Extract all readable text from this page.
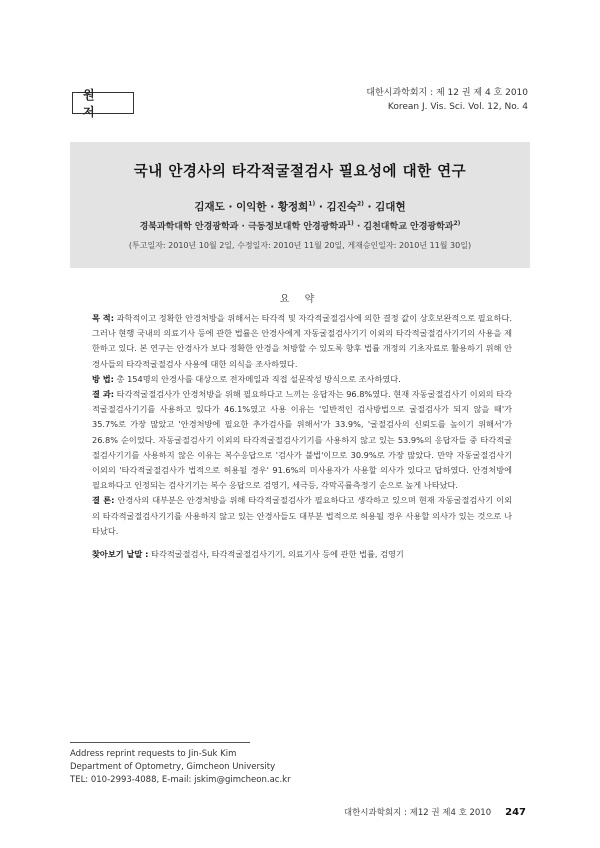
원 저
대한시과학회지 : 제 12 권 제 4 호 2010
Korean J. Vis. Sci. Vol. 12, No. 4
국내 안경사의 타각적굴절검사 필요성에 대한 연구
김재도 · 이익한 · 황정희$^{1)}$ · 김진숙$^{2)}$ · 김대현
경북과학대학 안경광학과 · 극동정보대학 안경광학과$^{1)}$ · 김천대학교 안경광학과$^{2)}$
(투고일자: 2010년 10월 2일, 수정일자: 2010년 11월 20일, 게재승인일자: 2010년 11월 30일)
요 약

목 적: 과학적이고 정확한 안경처방을 위해서는 타각적 및 자각적굴절검사에 의한 결정 값이 상호보완적으로 필요하다. 그러나 현행 국내의 의료기사 등에 관한 법률은 안경사에게 자동굴절검사기기 이외의 타각적굴절검사기기의 사용을 제한하고 있다. 본 연구는 안경사가 보다 정확한 안경을 처방할 수 있도록 향후 법률 개정의 기초자료로 활용하기 위해 안경사들의 타각적굴절검사 사용에 대한 의식을 조사하였다.

방 법: 총 154명의 안경사를 대상으로 전자메일과 직접 설문작성 방식으로 조사하였다.

결 과: 타각적굴절검사가 안경처방을 위해 필요하다고 느끼는 응답자는 96.8%였다. 현재 자동굴절검사기 이외의 타각적굴절검사기기를 사용하고 있다가 46.1%였고 사용 이유는 '일반적인 검사방법으로 굴절검사가 되지 않을 때'가 35.7%로 가장 많았고 '안경처방에 필요한 추가검사를 위해서'가 33.9%, '굴절검사의 신뢰도를 높이기 위해서'가 26.8% 순이었다. 자동굴절검사기 이외의 타각적굴절검사기기를 사용하지 않고 있는 53.9%의 응답자들 중 타각적굴절검사기기를 사용하지 않은 이유는 복수응답으로 '검사가 불법'이므로 30.9%로 가장 많았다. 만약 자동굴절검사기 이외의 '타각적굴절검사가 법적으로 허용될 경우' 91.6%의 미사용자가 사용할 의사가 있다고 답하였다. 안경처방에 필요하다고 인정되는 검사기기는 복수 응답으로 검영기, 세극등, 각막곡률측정기 순으로 높게 나타났다.

결 론: 안경사의 대부분은 안경처방을 위해 타각적굴절검사가 필요하다고 생각하고 있으며 현재 자동굴절검사기 이외의 타각적굴절검사기기를 사용하지 않고 있는 안경사들도 대부분 법적으로 허용될 경우 사용할 의사가 있는 것으로 나타났다.

찾아보기 낱말 : 타각적굴절검사, 타각적굴절검사기기, 의료기사 등에 관한 법률, 검영기

Address reprint requests to Jin-Suk Kim
Department of Optometry, Gimcheon University
TEL: 010-2993-4088, E-mail: jskim@gimcheon.ac.kr
대한시과학회지 : 제12 권 제4 호 2010 247
